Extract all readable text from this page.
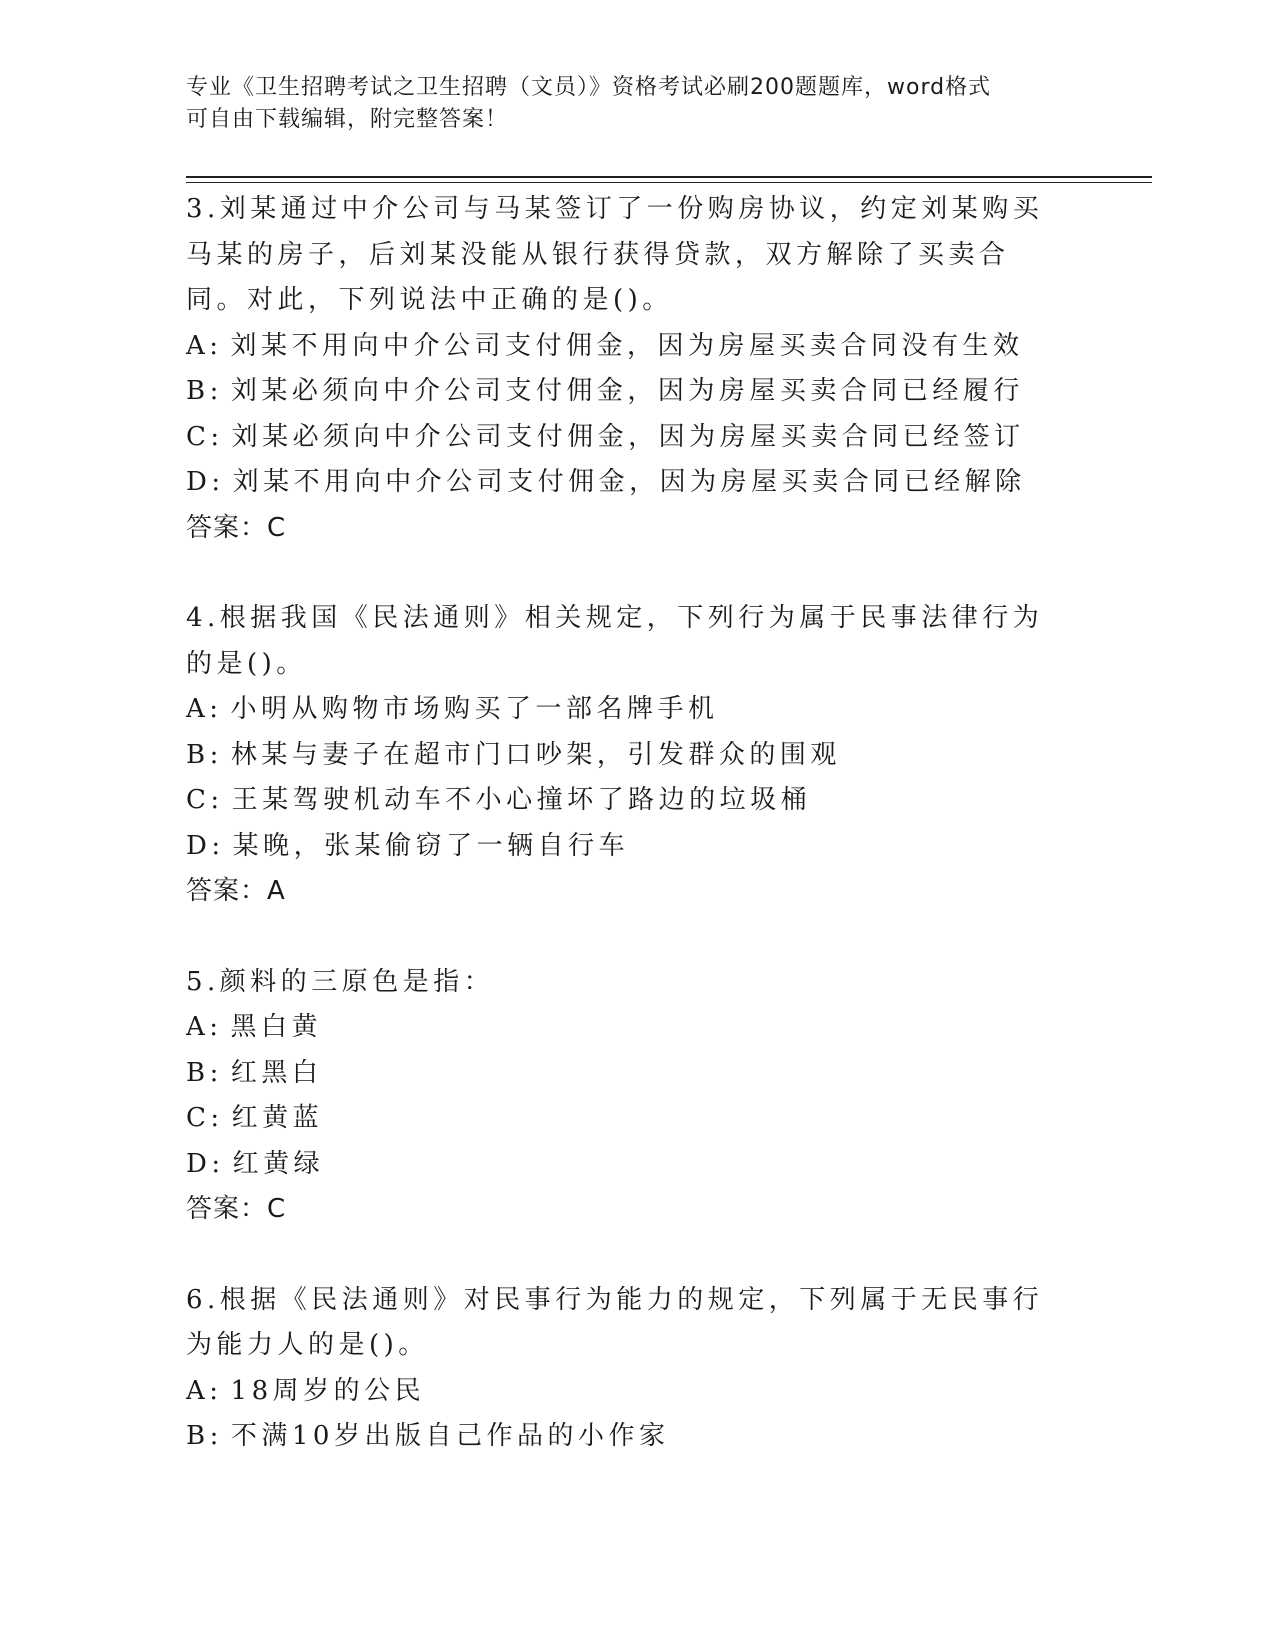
专业《卫生招聘考试之卫生招聘（文员）》资格考试必刷200题题库，word格式
可自由下载编辑，附完整答案！
3.刘某通过中介公司与马某签订了一份购房协议，约定刘某购买马某的房子，后刘某没能从银行获得贷款，双方解除了买卖合同。对此，下列说法中正确的是()。
A: 刘某不用向中介公司支付佣金，因为房屋买卖合同没有生效
B: 刘某必须向中介公司支付佣金，因为房屋买卖合同已经履行
C: 刘某必须向中介公司支付佣金，因为房屋买卖合同已经签订
D: 刘某不用向中介公司支付佣金，因为房屋买卖合同已经解除
答案：C
4.根据我国《民法通则》相关规定，下列行为属于民事法律行为的是()。
A: 小明从购物市场购买了一部名牌手机
B: 林某与妻子在超市门口吵架，引发群众的围观
C: 王某驾驶机动车不小心撞坏了路边的垃圾桶
D: 某晚，张某偷窃了一辆自行车
答案：A
5.颜料的三原色是指：
A: 黑白黄
B: 红黑白
C: 红黄蓝
D: 红黄绿
答案：C
6.根据《民法通则》对民事行为能力的规定，下列属于无民事行为能力人的是()。
A: 18周岁的公民
B: 不满10岁出版自己作品的小作家
